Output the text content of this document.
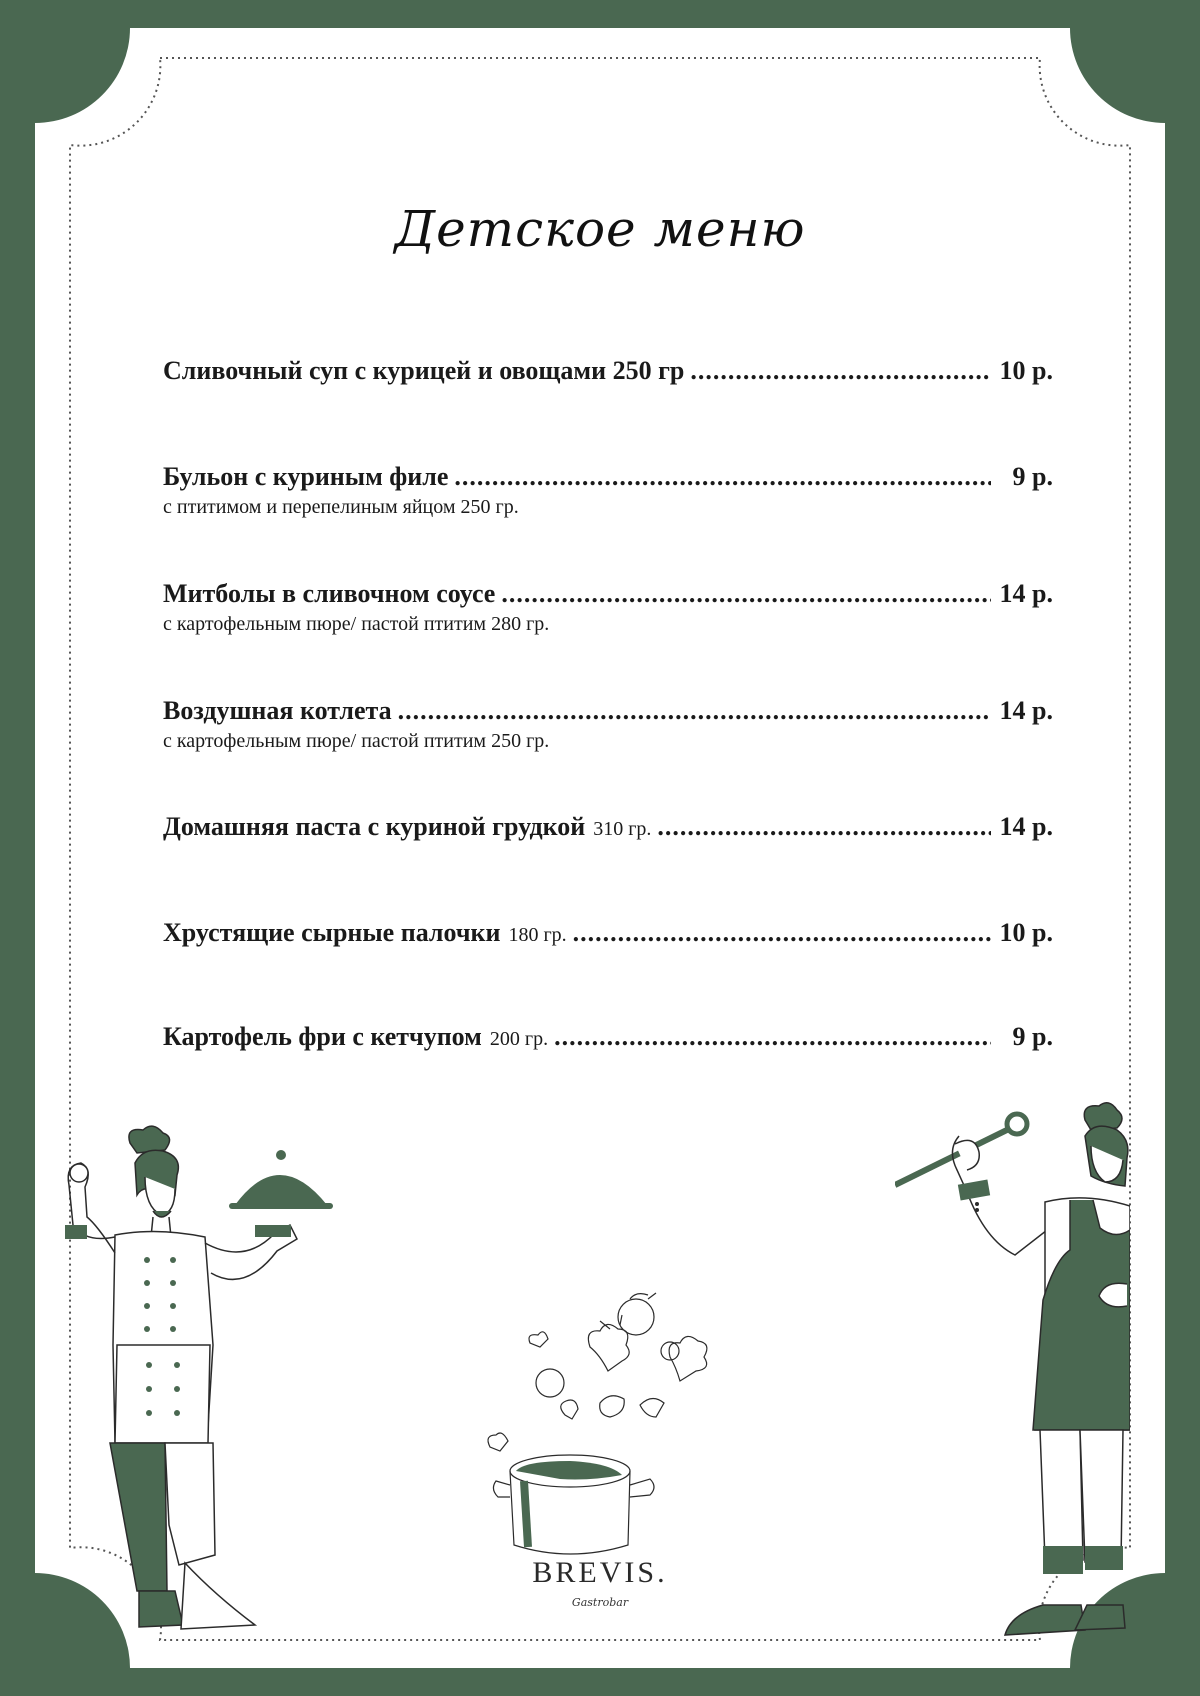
Детское меню
Сливочный суп с курицей и овощами 250 гр .....	10 р.
Бульон с куриным филе .....	9 р.
с птитимом и перепелиным яйцом 250 гр.
Митболы в сливочном соусе .....	14 р.
с картофельным пюре/ пастой птитим 280 гр.
Воздушная котлета .....	14 р.
с картофельным пюре/ пастой птитим 250 гр.
Домашняя паста с куриной грудкой 310 гр. .....	14 р.
Хрустящие сырные палочки 180 гр. .....	10 р.
Картофель фри с кетчупом 200 гр. .....	9 р.
BREVIS.
Gastrobar
